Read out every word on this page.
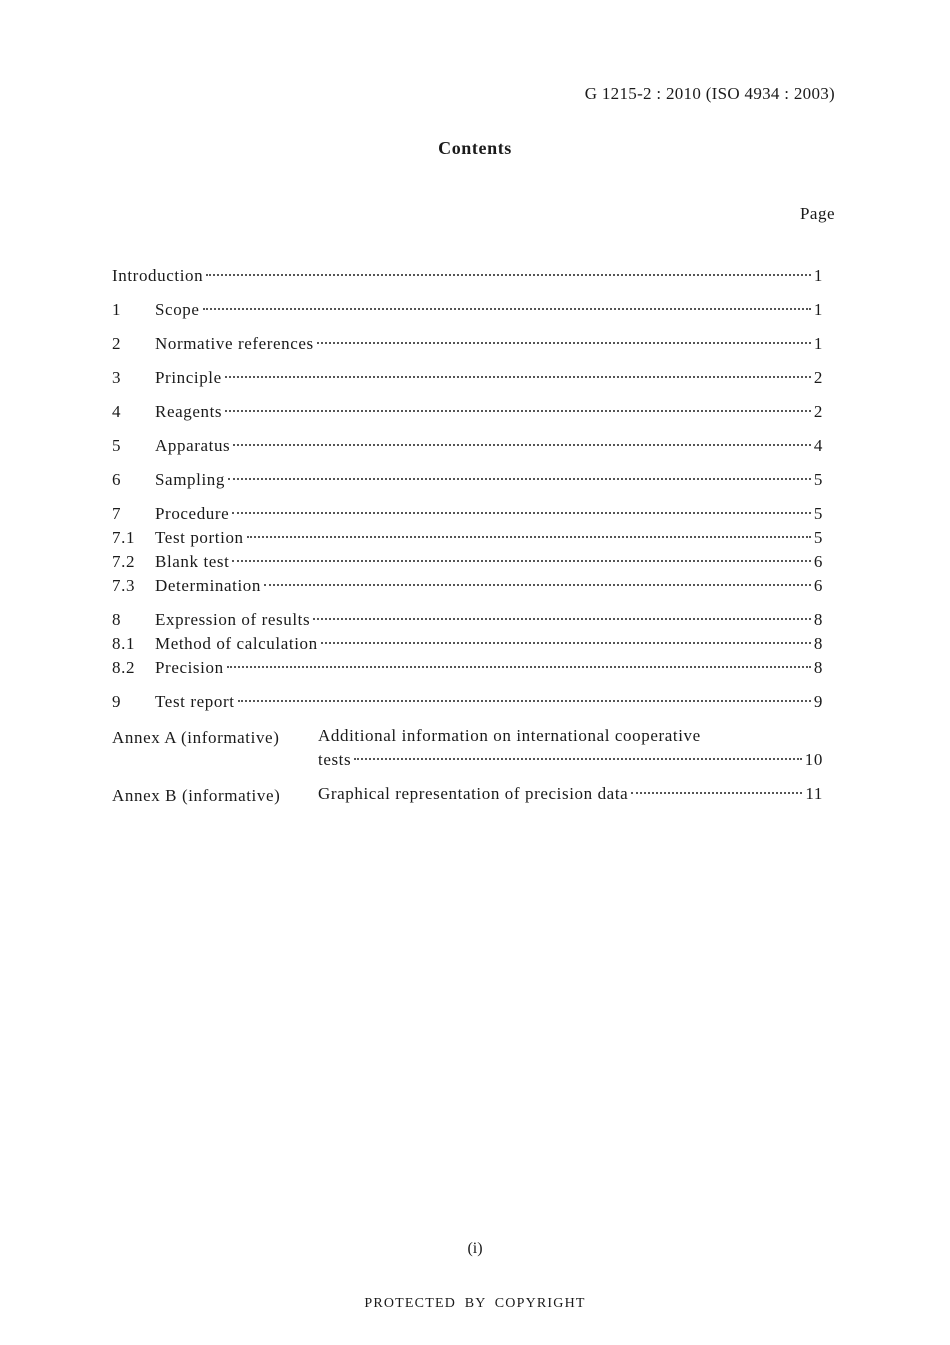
G 1215-2 : 2010 (ISO 4934 : 2003)
Contents
Page
Introduction	1
1	Scope	1
2	Normative references	1
3	Principle	2
4	Reagents	2
5	Apparatus	4
6	Sampling	5
7	Procedure	5
7.1	Test portion	5
7.2	Blank test	6
7.3	Determination	6
8	Expression of results	8
8.1	Method of calculation	8
8.2	Precision	8
9	Test report	9
Annex A (informative)	Additional information on international cooperative
tests	10
Annex B (informative)	Graphical representation of precision data	11
(i)
PROTECTED BY COPYRIGHT
